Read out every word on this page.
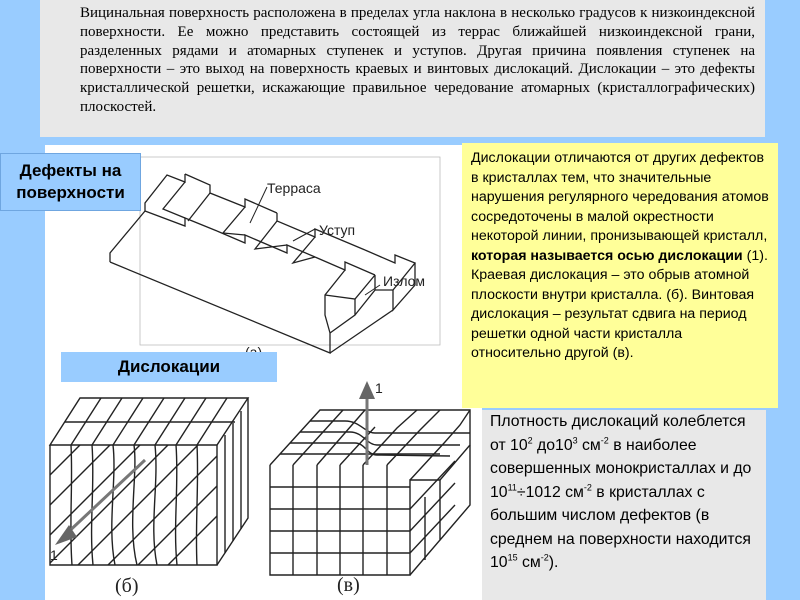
Вицинальная поверхность расположена в пределах угла наклона в несколько градусов к низкоиндексной поверхности. Ее можно представить состоящей из террас ближайшей низкоиндексной грани, разделенных рядами и атомарных ступенек и уступов. Другая причина появления ступенек на поверхности – это выход на поверхность краевых и винтовых дислокаций. Дислокации – это дефекты кристаллической решетки, искажающие правильное чередование атомарных (кристаллографических) плоскостей.
Терраса
Уступ
Излом
1
(б)
1
(в)
Дефекты на
поверхности
Дислокации
Дислокации отличаются от других дефектов в кристаллах тем, что значительные нарушения регулярного чередования атомов сосредоточены в малой окрестности некоторой линии, пронизывающей кристалл, которая называется осью дислокации (1). Краевая дислокация – это обрыв атомной плоскости внутри кристалла. (б). Винтовая дислокация – результат сдвига на период решетки одной части кристалла относительно другой (в).
Плотность дислокаций колеблется от $10^2$ $до10^3$ $см^{-2}$ в наиболее совершенных монокристаллах и до $10^{11}\div 1012$ $см^{-2}$ в кристаллах с большим числом дефектов (в среднем на поверхности находится $10^{15}$ $см^{-2}$).
